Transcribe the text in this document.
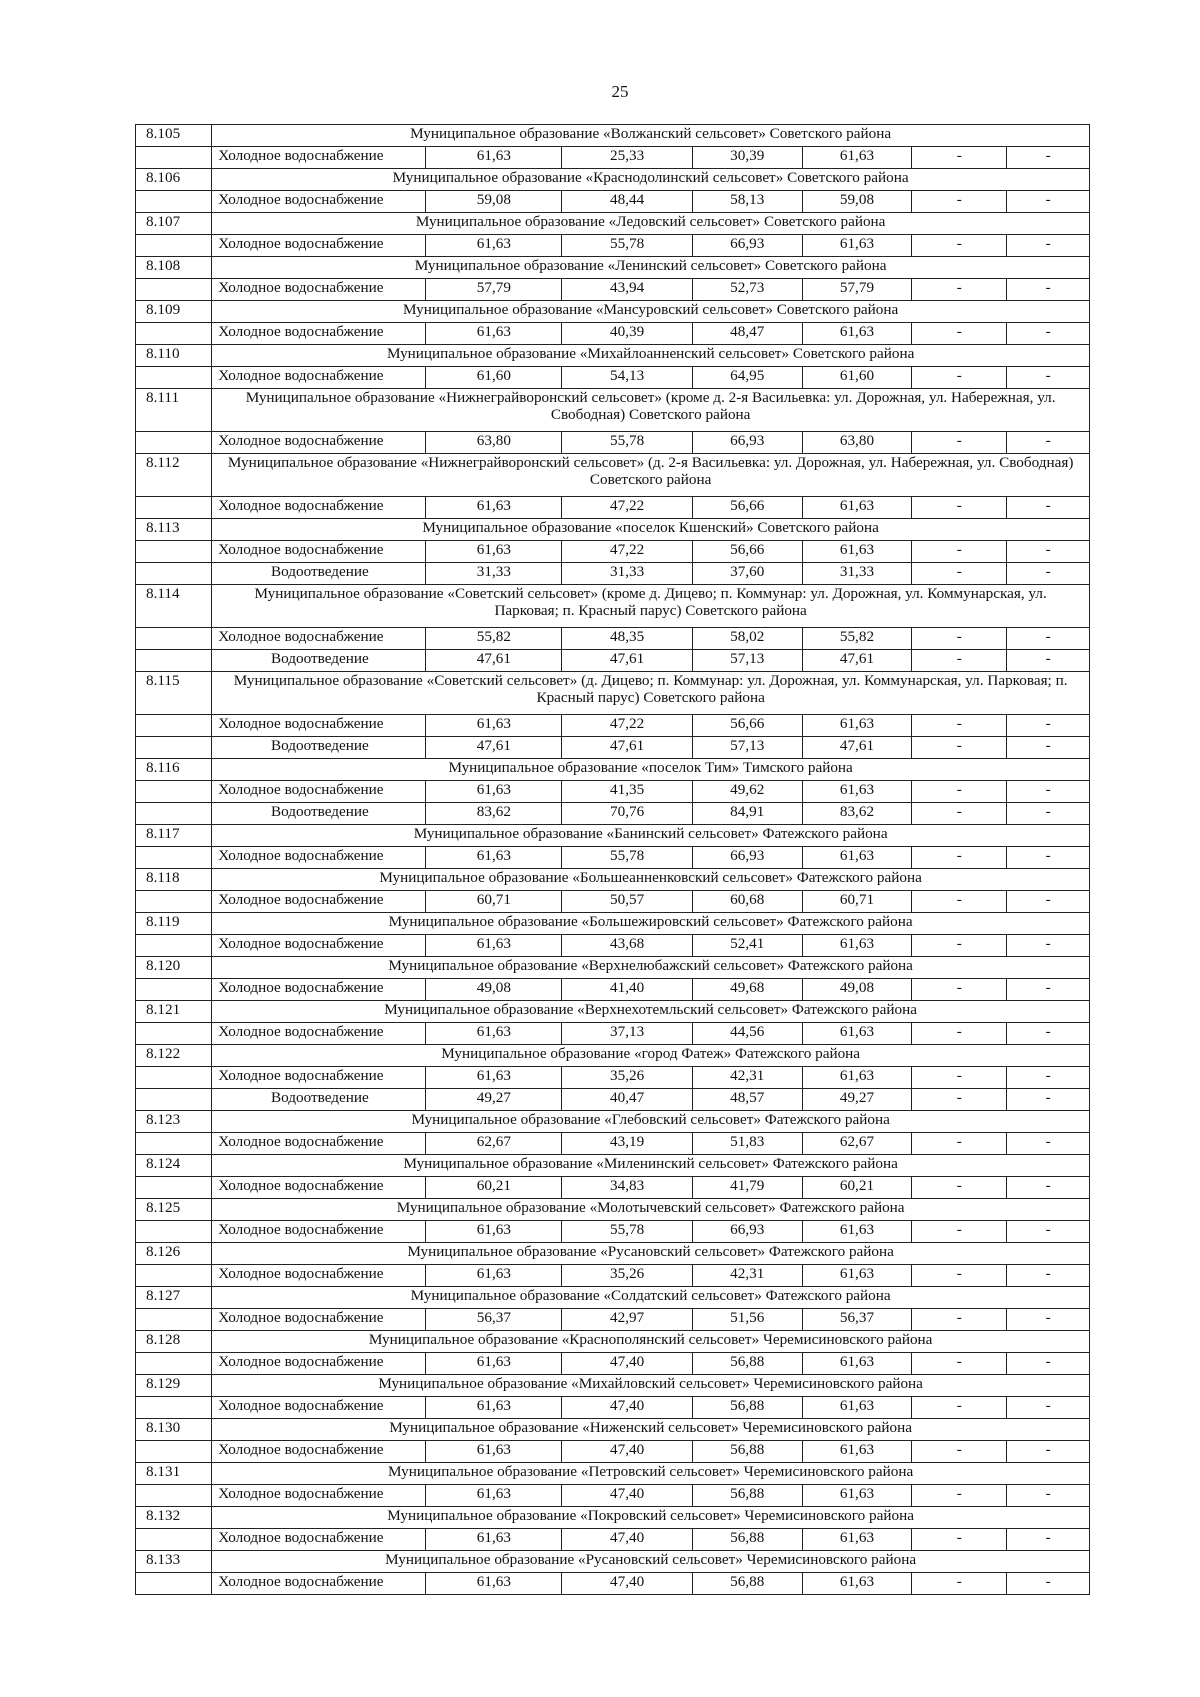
25
8.105	Муниципальное образование «Волжанский сельсовет» Советского района						
	Холодное водоснабжение	61,63	25,33	30,39	61,63	-	-
8.106	Муниципальное образование «Краснодолинский сельсовет» Советского района						
	Холодное водоснабжение	59,08	48,44	58,13	59,08	-	-
8.107	Муниципальное образование «Ледовский сельсовет» Советского района						
	Холодное водоснабжение	61,63	55,78	66,93	61,63	-	-
8.108	Муниципальное образование «Ленинский сельсовет» Советского района						
	Холодное водоснабжение	57,79	43,94	52,73	57,79	-	-
8.109	Муниципальное образование «Мансуровский сельсовет» Советского района						
	Холодное водоснабжение	61,63	40,39	48,47	61,63	-	-
8.110	Муниципальное образование «Михайлоанненский сельсовет» Советского района						
	Холодное водоснабжение	61,60	54,13	64,95	61,60	-	-
8.111	Муниципальное образование «Нижнеграйворонский сельсовет» (кроме д. 2-я Васильевка: ул. Дорожная, ул. Набережная, ул. Свободная) Советского района						
	Холодное водоснабжение	63,80	55,78	66,93	63,80	-	-
8.112	Муниципальное образование «Нижнеграйворонский сельсовет» (д. 2-я Васильевка: ул. Дорожная, ул. Набережная, ул. Свободная) Советского района						
	Холодное водоснабжение	61,63	47,22	56,66	61,63	-	-
8.113	Муниципальное образование «поселок Кшенский» Советского района						
	Холодное водоснабжение	61,63	47,22	56,66	61,63	-	-
	Водоотведение	31,33	31,33	37,60	31,33	-	-
8.114	Муниципальное образование «Советский сельсовет» (кроме д. Дицево; п. Коммунар: ул. Дорожная, ул. Коммунарская, ул. Парковая; п. Красный парус) Советского района						
	Холодное водоснабжение	55,82	48,35	58,02	55,82	-	-
	Водоотведение	47,61	47,61	57,13	47,61	-	-
8.115	Муниципальное образование «Советский сельсовет» (д. Дицево; п. Коммунар: ул. Дорожная, ул. Коммунарская, ул. Парковая; п. Красный парус) Советского района						
	Холодное водоснабжение	61,63	47,22	56,66	61,63	-	-
	Водоотведение	47,61	47,61	57,13	47,61	-	-
8.116	Муниципальное образование «поселок Тим» Тимского района						
	Холодное водоснабжение	61,63	41,35	49,62	61,63	-	-
	Водоотведение	83,62	70,76	84,91	83,62	-	-
8.117	Муниципальное образование «Банинский сельсовет» Фатежского района						
	Холодное водоснабжение	61,63	55,78	66,93	61,63	-	-
8.118	Муниципальное образование «Большеанненковский сельсовет» Фатежского района						
	Холодное водоснабжение	60,71	50,57	60,68	60,71	-	-
8.119	Муниципальное образование «Большежировский сельсовет» Фатежского района						
	Холодное водоснабжение	61,63	43,68	52,41	61,63	-	-
8.120	Муниципальное образование «Верхнелюбажский сельсовет» Фатежского района						
	Холодное водоснабжение	49,08	41,40	49,68	49,08	-	-
8.121	Муниципальное образование «Верхнехотемльский сельсовет» Фатежского района						
	Холодное водоснабжение	61,63	37,13	44,56	61,63	-	-
8.122	Муниципальное образование «город Фатеж» Фатежского района						
	Холодное водоснабжение	61,63	35,26	42,31	61,63	-	-
	Водоотведение	49,27	40,47	48,57	49,27	-	-
8.123	Муниципальное образование «Глебовский сельсовет» Фатежского района						
	Холодное водоснабжение	62,67	43,19	51,83	62,67	-	-
8.124	Муниципальное образование «Миленинский сельсовет» Фатежского района						
	Холодное водоснабжение	60,21	34,83	41,79	60,21	-	-
8.125	Муниципальное образование «Молотычевский сельсовет» Фатежского района						
	Холодное водоснабжение	61,63	55,78	66,93	61,63	-	-
8.126	Муниципальное образование «Русановский сельсовет» Фатежского района						
	Холодное водоснабжение	61,63	35,26	42,31	61,63	-	-
8.127	Муниципальное образование «Солдатский сельсовет» Фатежского района						
	Холодное водоснабжение	56,37	42,97	51,56	56,37	-	-
8.128	Муниципальное образование «Краснополянский сельсовет» Черемисиновского района						
	Холодное водоснабжение	61,63	47,40	56,88	61,63	-	-
8.129	Муниципальное образование «Михайловский сельсовет» Черемисиновского района						
	Холодное водоснабжение	61,63	47,40	56,88	61,63	-	-
8.130	Муниципальное образование «Ниженский сельсовет» Черемисиновского района						
	Холодное водоснабжение	61,63	47,40	56,88	61,63	-	-
8.131	Муниципальное образование «Петровский сельсовет» Черемисиновского района						
	Холодное водоснабжение	61,63	47,40	56,88	61,63	-	-
8.132	Муниципальное образование «Покровский сельсовет» Черемисиновского района						
	Холодное водоснабжение	61,63	47,40	56,88	61,63	-	-
8.133	Муниципальное образование «Русановский сельсовет» Черемисиновского района						
	Холодное водоснабжение	61,63	47,40	56,88	61,63	-	-
